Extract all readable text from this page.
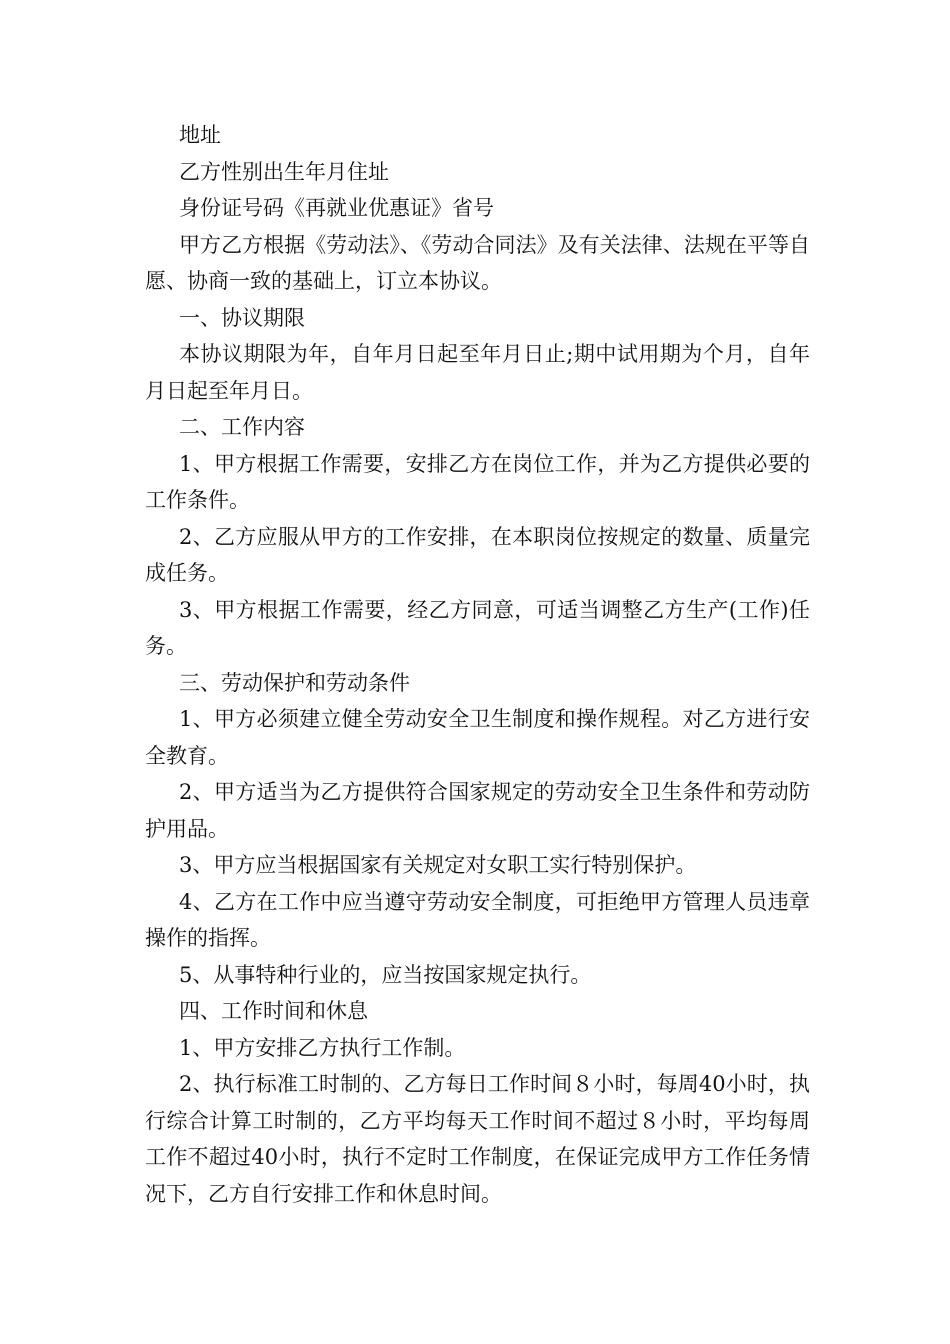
地址

乙方性别出生年月住址

身份证号码《再就业优惠证》省号

甲方乙方根据《劳动法》、《劳动合同法》及有关法律、法规在平等自愿、协商一致的基础上，订立本协议。

一、协议期限

本协议期限为年，自年月日起至年月日止;期中试用期为个月，自年月日起至年月日。

二、工作内容

1、甲方根据工作需要，安排乙方在岗位工作，并为乙方提供必要的工作条件。

2、乙方应服从甲方的工作安排，在本职岗位按规定的数量、质量完成任务。

3、甲方根据工作需要，经乙方同意，可适当调整乙方生产(工作)任务。

三、劳动保护和劳动条件

1、甲方必须建立健全劳动安全卫生制度和操作规程。对乙方进行安全教育。

2、甲方适当为乙方提供符合国家规定的劳动安全卫生条件和劳动防护用品。

3、甲方应当根据国家有关规定对女职工实行特别保护。

4、乙方在工作中应当遵守劳动安全制度，可拒绝甲方管理人员违章操作的指挥。

5、从事特种行业的，应当按国家规定执行。

四、工作时间和休息

1、甲方安排乙方执行工作制。

2、执行标准工时制的、乙方每日工作时间８小时，每周40小时，执行综合计算工时制的，乙方平均每天工作时间不超过８小时，平均每周工作不超过40小时，执行不定时工作制度，在保证完成甲方工作任务情况下，乙方自行安排工作和休息时间。
